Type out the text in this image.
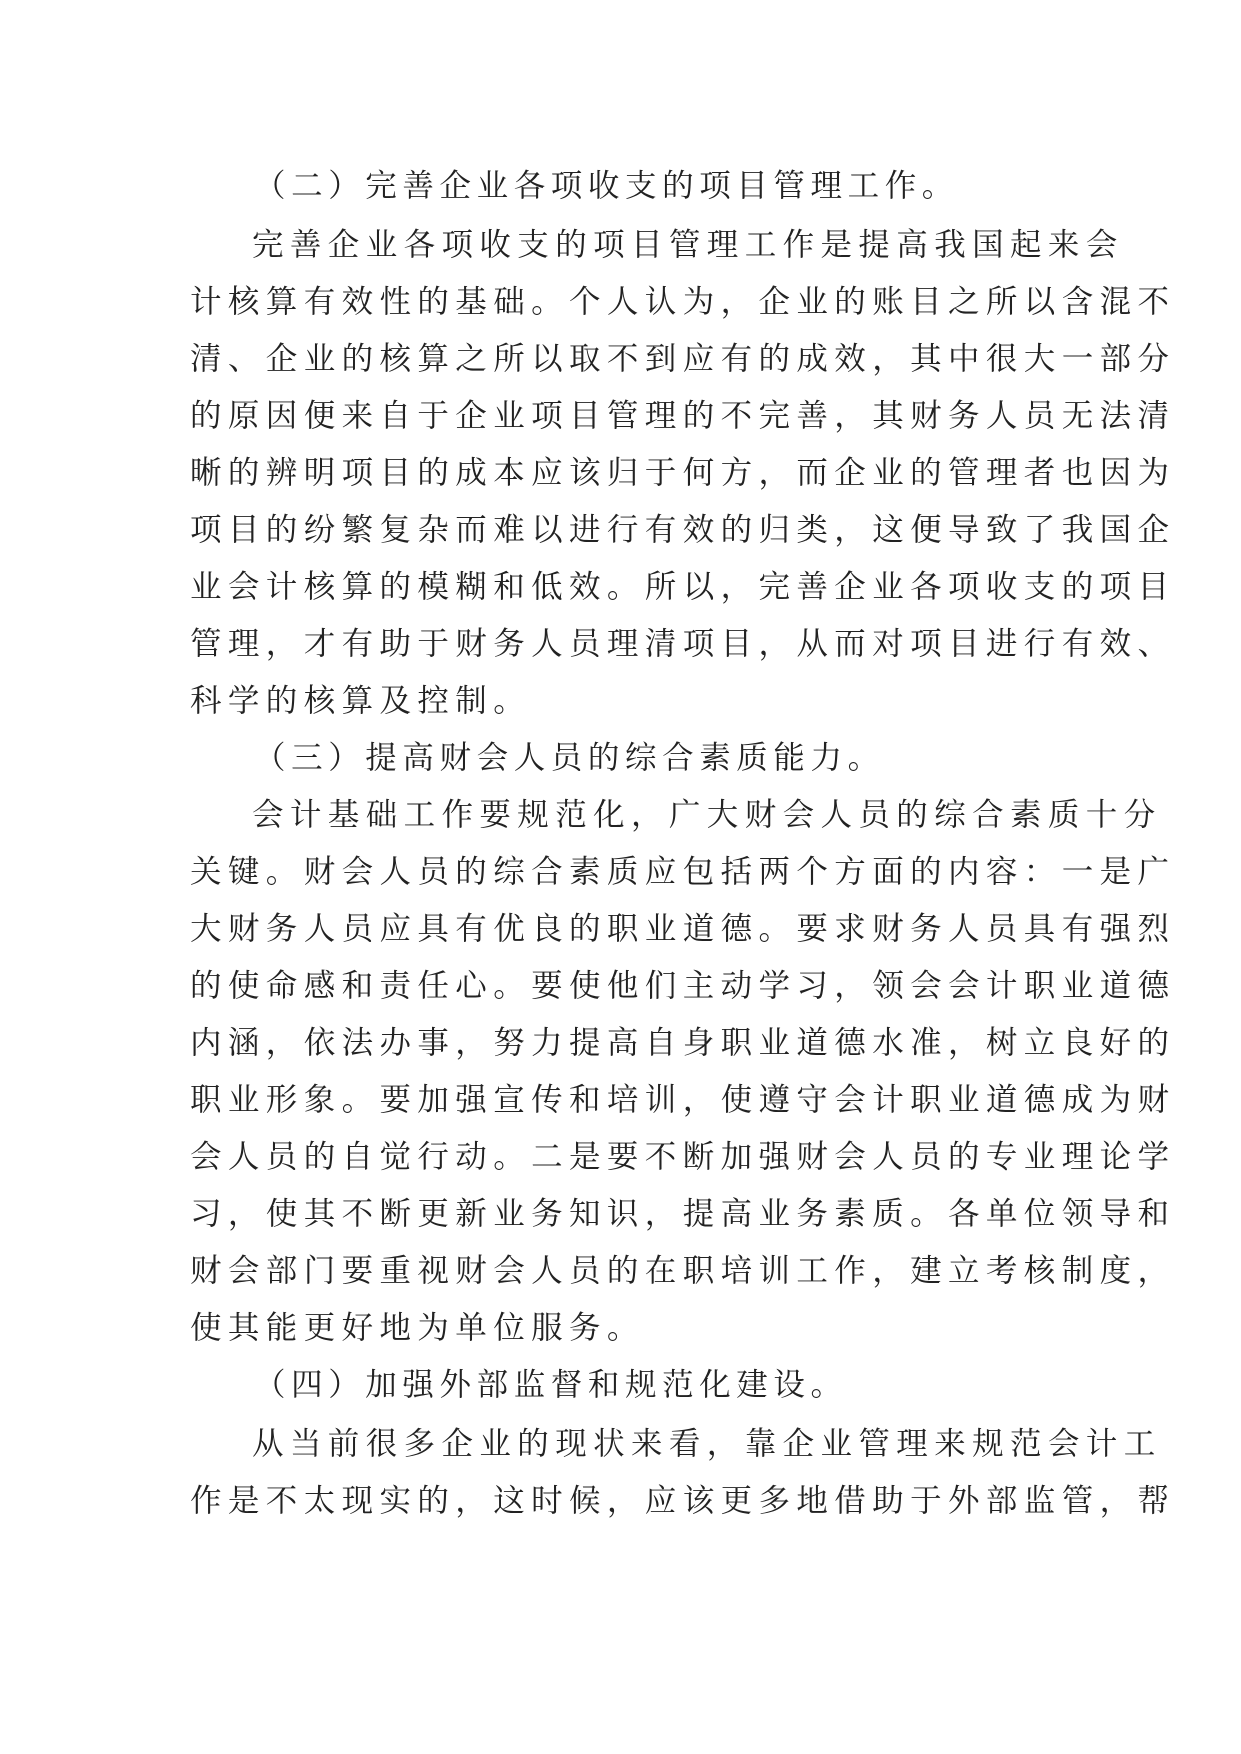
（二）完善企业各项收支的项目管理工作。
完善企业各项收支的项目管理工作是提高我国起来会
计核算有效性的基础。个人认为，企业的账目之所以含混不
清、企业的核算之所以取不到应有的成效，其中很大一部分
的原因便来自于企业项目管理的不完善，其财务人员无法清
晰的辨明项目的成本应该归于何方，而企业的管理者也因为
项目的纷繁复杂而难以进行有效的归类，这便导致了我国企
业会计核算的模糊和低效。所以，完善企业各项收支的项目
管理，才有助于财务人员理清项目，从而对项目进行有效、
科学的核算及控制。
（三）提高财会人员的综合素质能力。
会计基础工作要规范化，广大财会人员的综合素质十分
关键。财会人员的综合素质应包括两个方面的内容：一是广
大财务人员应具有优良的职业道德。要求财务人员具有强烈
的使命感和责任心。要使他们主动学习，领会会计职业道德
内涵，依法办事，努力提高自身职业道德水准，树立良好的
职业形象。要加强宣传和培训，使遵守会计职业道德成为财
会人员的自觉行动。二是要不断加强财会人员的专业理论学
习，使其不断更新业务知识，提高业务素质。各单位领导和
财会部门要重视财会人员的在职培训工作，建立考核制度，
使其能更好地为单位服务。
（四）加强外部监督和规范化建设。
从当前很多企业的现状来看，靠企业管理来规范会计工
作是不太现实的，这时候，应该更多地借助于外部监管，帮
